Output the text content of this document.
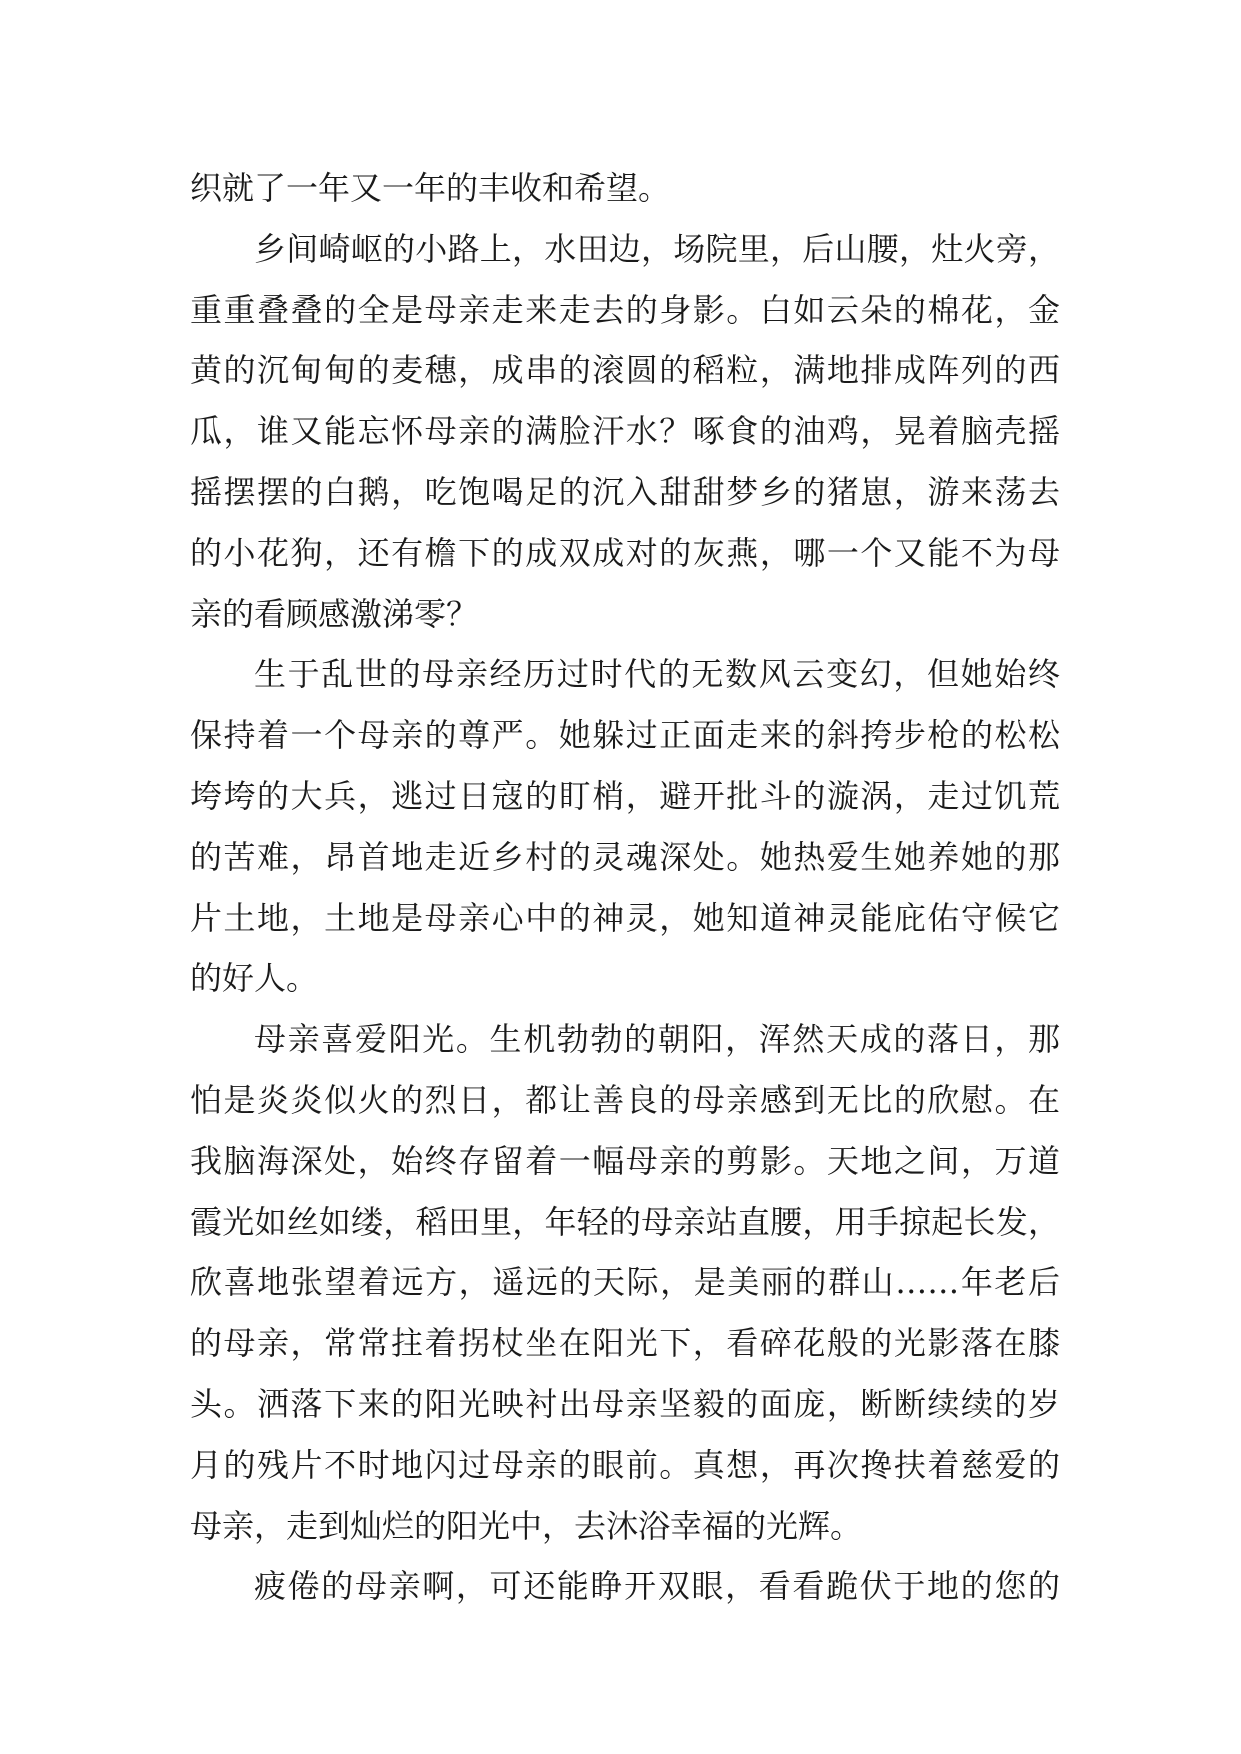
织就了一年又一年的丰收和希望。
乡间崎岖的小路上，水田边，场院里，后山腰，灶火旁，
重重叠叠的全是母亲走来走去的身影。白如云朵的棉花，金
黄的沉甸甸的麦穗，成串的滚圆的稻粒，满地排成阵列的西
瓜，谁又能忘怀母亲的满脸汗水？啄食的油鸡，晃着脑壳摇
摇摆摆的白鹅，吃饱喝足的沉入甜甜梦乡的猪崽，游来荡去
的小花狗，还有檐下的成双成对的灰燕，哪一个又能不为母
亲的看顾感激涕零？
生于乱世的母亲经历过时代的无数风云变幻，但她始终
保持着一个母亲的尊严。她躲过正面走来的斜挎步枪的松松
垮垮的大兵，逃过日寇的盯梢，避开批斗的漩涡，走过饥荒
的苦难，昂首地走近乡村的灵魂深处。她热爱生她养她的那
片土地，土地是母亲心中的神灵，她知道神灵能庇佑守候它
的好人。
母亲喜爱阳光。生机勃勃的朝阳，浑然天成的落日，那
怕是炎炎似火的烈日，都让善良的母亲感到无比的欣慰。在
我脑海深处，始终存留着一幅母亲的剪影。天地之间，万道
霞光如丝如缕，稻田里，年轻的母亲站直腰，用手掠起长发，
欣喜地张望着远方，遥远的天际，是美丽的群山……年老后
的母亲，常常拄着拐杖坐在阳光下，看碎花般的光影落在膝
头。洒落下来的阳光映衬出母亲坚毅的面庞，断断续续的岁
月的残片不时地闪过母亲的眼前。真想，再次搀扶着慈爱的
母亲，走到灿烂的阳光中，去沐浴幸福的光辉。
疲倦的母亲啊，可还能睁开双眼，看看跪伏于地的您的
